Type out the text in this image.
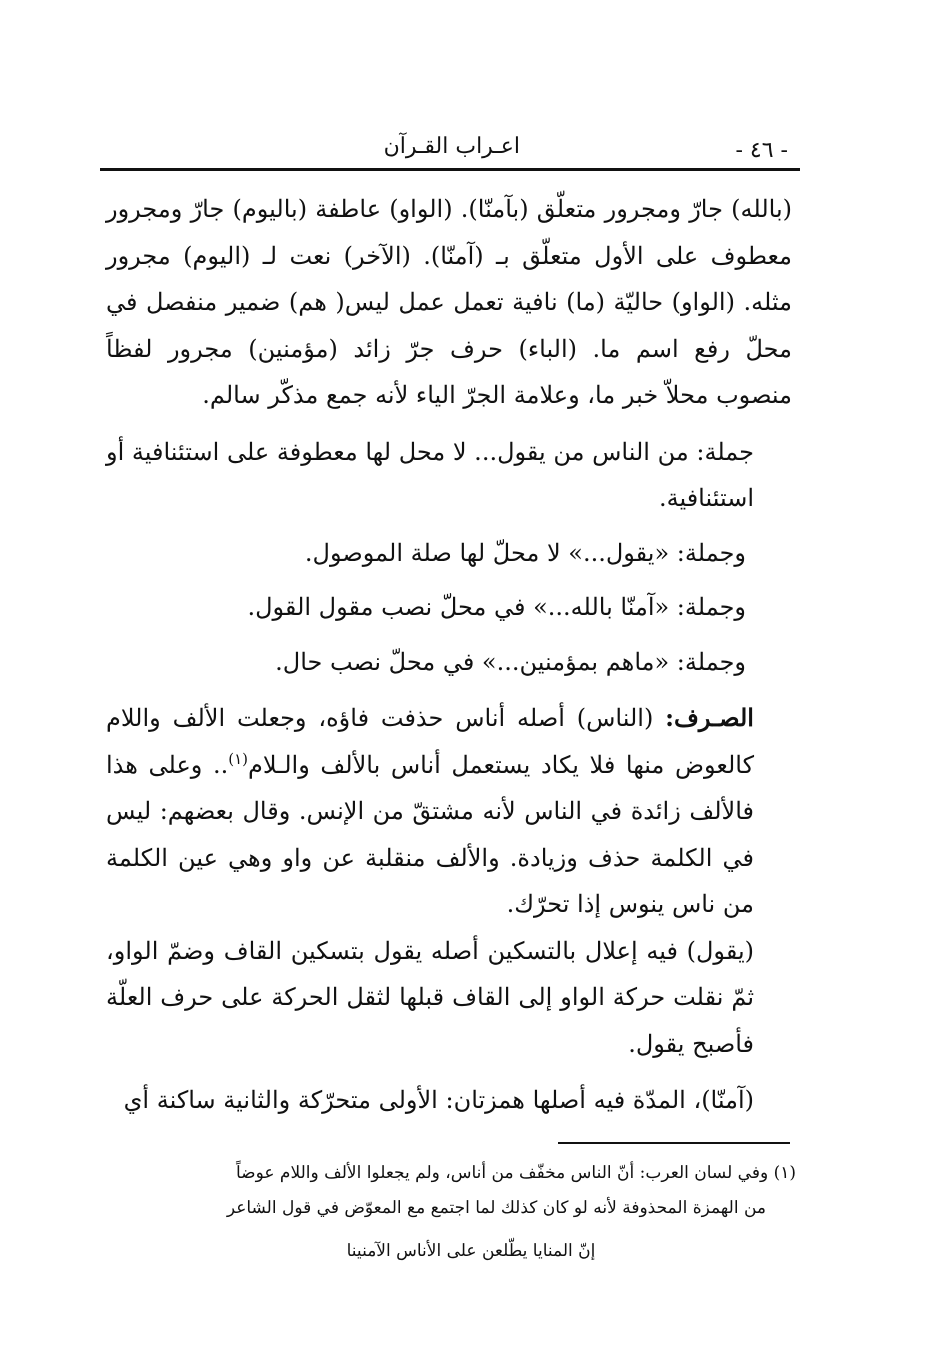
- ٤٦ -
اعـراب القـرآن

(بالله) جارّ ومجرور متعلّق (بآمنّا). (الواو) عاطفة (باليوم) جارّ ومجرور معطوف على الأول متعلّق بـ (آمنّا). (الآخر) نعت لـ (اليوم) مجرور مثله. (الواو) حاليّة (ما) نافية تعمل عمل ليس( هم) ضمير منفصل في محلّ رفع اسم ما. (الباء) حرف جرّ زائد (مؤمنين) مجرور لفظاً منصوب محلاّ خبر ما، وعلامة الجرّ الياء لأنه جمع مذكّر سالم.

جملة: من الناس من يقول... لا محل لها معطوفة على استئنافية أو استئنافية.

وجملة: «يقول...» لا محلّ لها صلة الموصول.

وجملة: «آمنّا بالله...» في محلّ نصب مقول القول.

وجملة: «ماهم بمؤمنين...» في محلّ نصب حال.

الصـرف: (الناس) أصله أناس حذفت فاؤه، وجعلت الألف واللام كالعوض منها فلا يكاد يستعمل أناس بالألف والـلام$^{(١)}$.. وعلى هذا فالألف زائدة في الناس لأنه مشتقّ من الإنس. وقال بعضهم: ليس في الكلمة حذف وزيادة. والألف منقلبة عن واو وهي عين الكلمة من ناس ينوس إذا تحرّك.

(يقول) فيه إعلال بالتسكين أصله يقول بتسكين القاف وضمّ الواو، ثمّ نقلت حركة الواو إلى القاف قبلها لثقل الحركة على حرف العلّة فأصبح يقول.

(آمنّا)، المدّة فيه أصلها همزتان: الأولى متحرّكة والثانية ساكنة أي

(١) وفي لسان العرب: أنّ الناس مخفّف من أناس، ولم يجعلوا الألف واللام عوضاً

من الهمزة المحذوفة لأنه لو كان كذلك لما اجتمع مع المعوّض في قول الشاعر

إنّ المنايا يطّلعن على الأناس الآمنينا
